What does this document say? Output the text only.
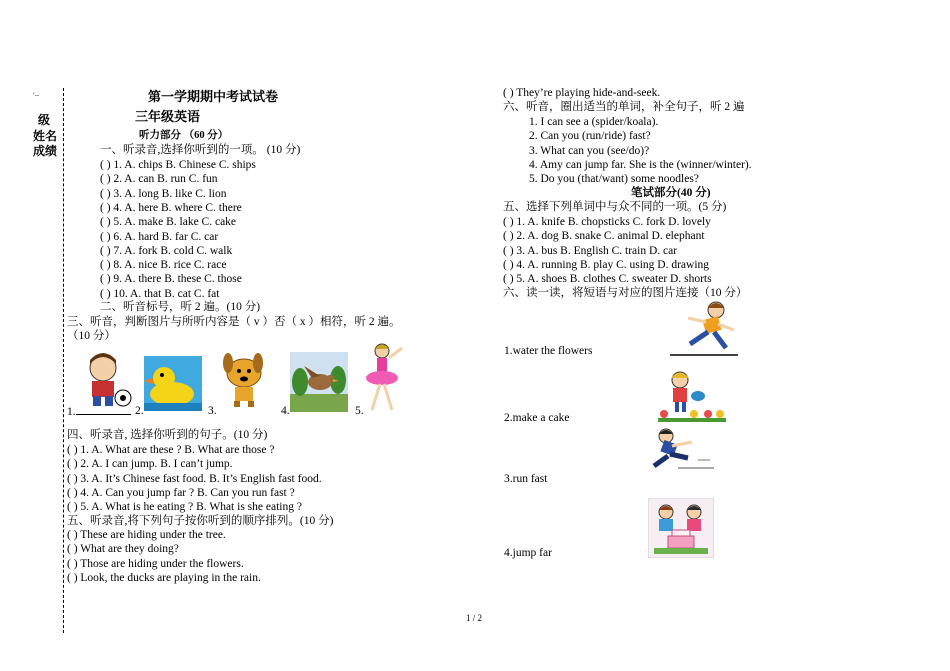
'--
级
姓名
成绩
第一学期期中考试试卷
三年级英语
听力部分 （60 分）
一、听录音,选择你听到的一项。 (10 分)
( ) 1. A. chips B. Chinese C. ships
( ) 2. A. can B. run C. fun
( ) 3. A. long B. like C. lion
( ) 4. A. here B. where C. there
( ) 5. A. make B. lake C. cake
( ) 6. A. hard B. far C. car
( ) 7. A. fork B. cold C. walk
( ) 8. A. nice B. rice C. race
( ) 9. A. there B. these C. those
( ) 10. A. that B. cat C. fat
二、听音标号，听 2 遍。(10 分)
三、听音，判断图片与所听内容是（ v ）否（ x ）相符，听 2 遍。
（10 分）
1.	2.	3.	4.	5.
四、听录音, 选择你听到的句子。(10 分)
( ) 1. A. What are these ? B. What are those ?
( ) 2. A. I can jump. B. I can’t jump.
( ) 3. A. It’s Chinese fast food. B. It’s English fast food.
( ) 4. A. Can you jump far ? B. Can you run fast ?
( ) 5. A. What is he eating ? B. What is she eating ?
五、听录音,将下列句子按你听到的顺序排列。(10 分)
( ) These are hiding under the tree.
( ) What are they doing?
( ) Those are hiding under the flowers.
( ) Look, the ducks are playing in the rain.
( ) They’re playing hide-and-seek.
六、听音，圈出适当的单词，补全句子，听 2 遍
1. I can see a (spider/koala).
2. Can you (run/ride) fast?
3. What can you (see/do)?
4. Amy can jump far. She is the (winner/winter).
5. Do you (that/want) some noodles?
笔试部分(40 分)
五、选择下列单词中与众不同的一项。(5 分)
( ) 1. A. knife B. chopsticks C. fork D. lovely
( ) 2. A. dog B. snake C. animal D. elephant
( ) 3. A. bus B. English C. train D. car
( ) 4. A. running B. play C. using D. drawing
( ) 5. A. shoes B. clothes C. sweater D. shorts
六、读一读，将短语与对应的图片连接（10 分）
1.water the flowers
2.make a cake
3.run fast
4.jump far
1 / 2
